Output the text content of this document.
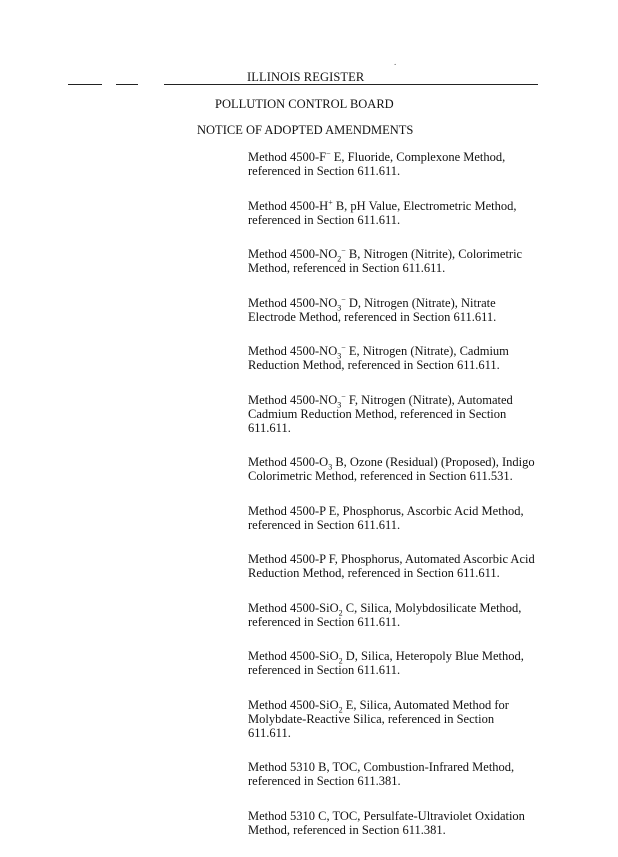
.
ILLINOIS REGISTER
POLLUTION CONTROL BOARD
NOTICE OF ADOPTED AMENDMENTS
Method 4500-F− E, Fluoride, Complexone Method, referenced in Section 611.611.
Method 4500-H+ B, pH Value, Electrometric Method, referenced in Section 611.611.
Method $4500-NO_2^-$ B, Nitrogen (Nitrite), Colorimetric Method, referenced in Section 611.611.
Method $4500-NO_3^-$ D, Nitrogen (Nitrate), Nitrate Electrode Method, referenced in Section 611.611.
Method $4500-NO_3^-$ E, Nitrogen (Nitrate), Cadmium Reduction Method, referenced in Section 611.611.
Method $4500-NO_3^-$ F, Nitrogen (Nitrate), Automated Cadmium Reduction Method, referenced in Section 611.611.
Method $4500-O_3$ B, Ozone (Residual) (Proposed), Indigo Colorimetric Method, referenced in Section 611.531.
Method 4500-P E, Phosphorus, Ascorbic Acid Method, referenced in Section 611.611.
Method 4500-P F, Phosphorus, Automated Ascorbic Acid Reduction Method, referenced in Section 611.611.
Method 4500-SiO$_2$ C, Silica, Molybdosilicate Method, referenced in Section 611.611.
Method 4500-SiO$_2$ D, Silica, Heteropoly Blue Method, referenced in Section 611.611.
Method 4500-SiO$_2$ E, Silica, Automated Method for Molybdate-Reactive Silica, referenced in Section 611.611.
Method 5310 B, TOC, Combustion-Infrared Method, referenced in Section 611.381.
Method 5310 C, TOC, Persulfate-Ultraviolet Oxidation Method, referenced in Section 611.381.
